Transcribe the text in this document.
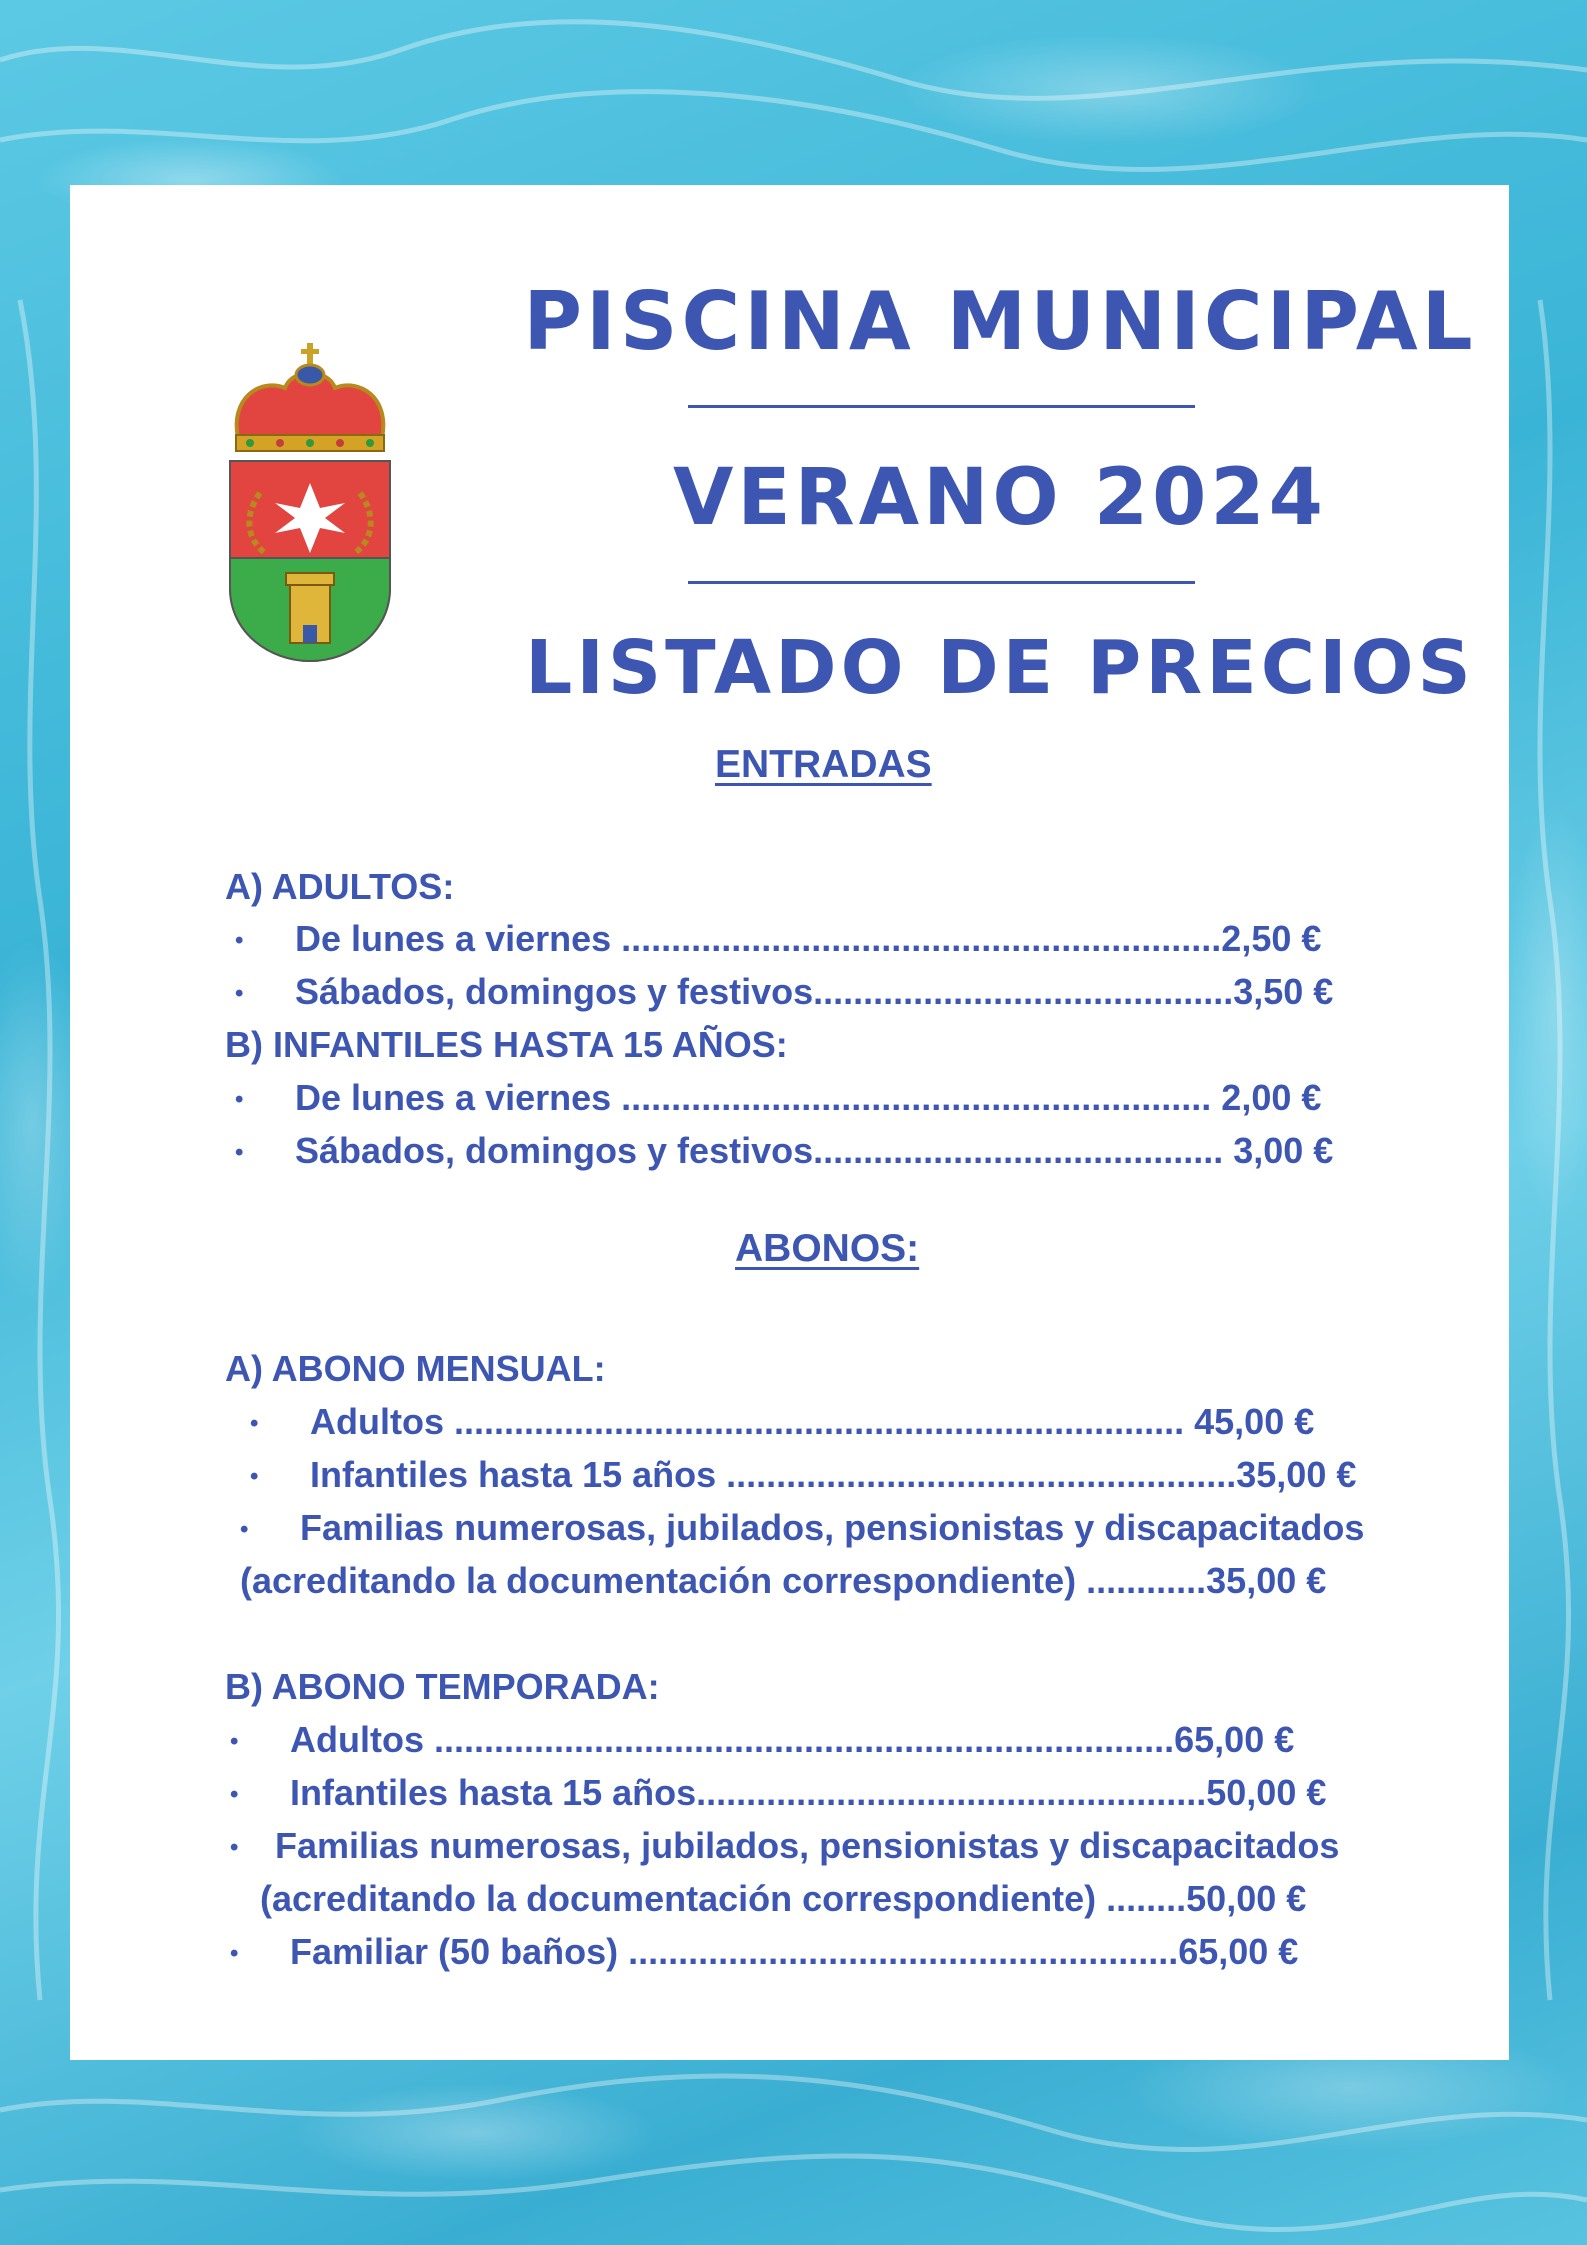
PISCINA MUNICIPAL
VERANO 2024
LISTADO DE PRECIOS

ENTRADAS

A) ADULTOS:

• De lunes a viernes ............................................................2,50 €

• Sábados, domingos y festivos..........................................3,50 €

B) INFANTILES HASTA 15 AÑOS:

• De lunes a viernes ........................................................... 2,00 €

• Sábados, domingos y festivos......................................... 3,00 €

ABONOS:

A) ABONO MENSUAL:

• Adultos ......................................................................... 45,00 €

• Infantiles hasta 15 años ...................................................35,00 €

• Familias numerosas, jubilados, pensionistas y discapacitados

(acreditando la documentación correspondiente) ............35,00 €

B) ABONO TEMPORADA:

• Adultos ..........................................................................65,00 €

• Infantiles hasta 15 años...................................................50,00 €

• Familias numerosas, jubilados, pensionistas y discapacitados

(acreditando la documentación correspondiente) ........50,00 €

• Familiar (50 baños) .......................................................65,00 €
